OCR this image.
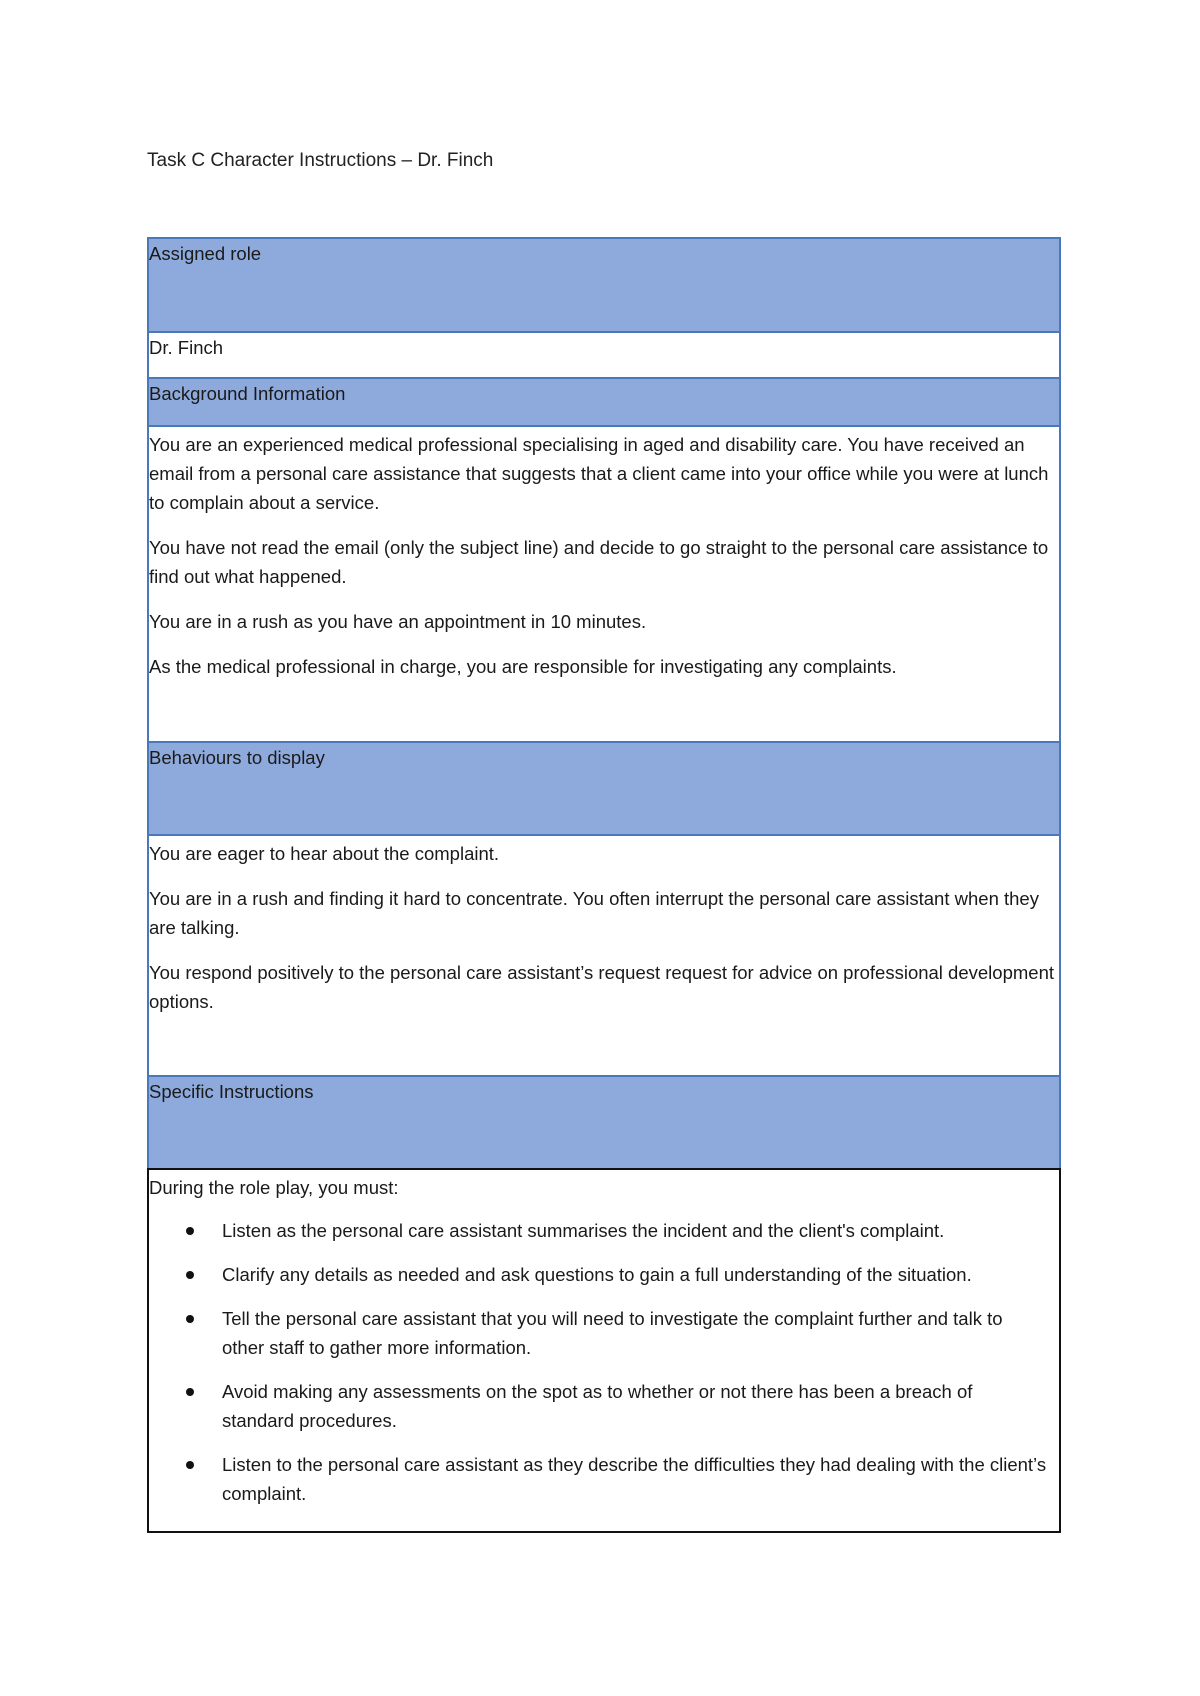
Task C Character Instructions – Dr. Finch

Assigned role

Dr. Finch

Background Information

You are an experienced medical professional specialising in aged and disability care. You have received an email from a personal care assistance that suggests that a client came into your office while you were at lunch to complain about a service.

You have not read the email (only the subject line) and decide to go straight to the personal care assistance to find out what happened.

You are in a rush as you have an appointment in 10 minutes.

As the medical professional in charge, you are responsible for investigating any complaints.

Behaviours to display

You are eager to hear about the complaint.

You are in a rush and finding it hard to concentrate. You often interrupt the personal care assistant when they are talking.

You respond positively to the personal care assistant’s request request for advice on professional development options.

Specific Instructions

During the role play, you must:

Listen as the personal care assistant summarises the incident and the client's complaint.
Clarify any details as needed and ask questions to gain a full understanding of the situation.
Tell the personal care assistant that you will need to investigate the complaint further and talk to other staff to gather more information.
Avoid making any assessments on the spot as to whether or not there has been a breach of standard procedures.
Listen to the personal care assistant as they describe the difficulties they had dealing with the client’s complaint.
